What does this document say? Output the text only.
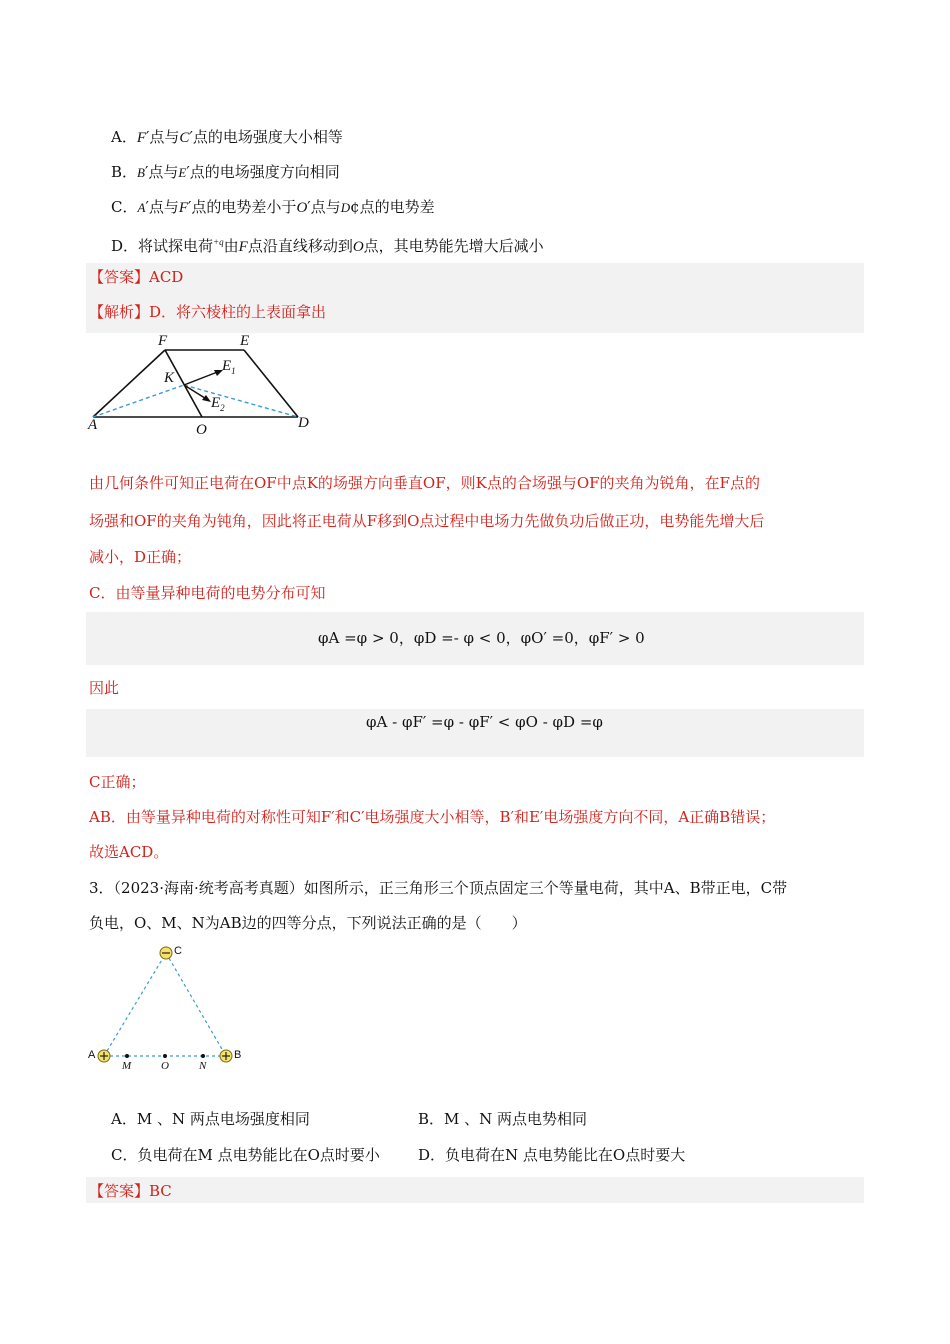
A．F′点与C′点的电场强度大小相等
B．B′点与E′点的电场强度方向相同
C．A′点与F′点的电势差小于O′点与D¢点的电势差
D．将试探电荷$^{+q}$由F点沿直线移动到O点，其电势能先增大后减小
【答案】ACD
【解析】D．将六棱柱的上表面拿出
F	E
K
$E_1$
$E_2$
A	O	D
由几何条件可知正电荷在OF中点K的场强方向垂直OF，则K点的合场强与OF的夹角为锐角，在F点的
场强和OF的夹角为钝角，因此将正电荷从F移到O点过程中电场力先做负功后做正功，电势能先增大后
减小，D正确；
C．由等量异种电荷的电势分布可知
φA =φ > 0，φD =- φ < 0，φO′ =0，φF′ > 0
因此
φA - φF′ =φ - φF′ < φO - φD =φ
C正确；
AB．由等量异种电荷的对称性可知F′和C′电场强度大小相等，B′和E′电场强度方向不同，A正确B错误；
故选ACD。
3．（2023·海南·统考高考真题）如图所示，正三角形三个顶点固定三个等量电荷，其中A、B带正电，C带
负电，O、M、N为AB边的四等分点，下列说法正确的是（　　）
C
A	B
M	O	N
A．M 、N 两点电场强度相同	B．M 、N 两点电势相同
C．负电荷在M 点电势能比在O点时要小	D．负电荷在N 点电势能比在O点时要大
【答案】BC
